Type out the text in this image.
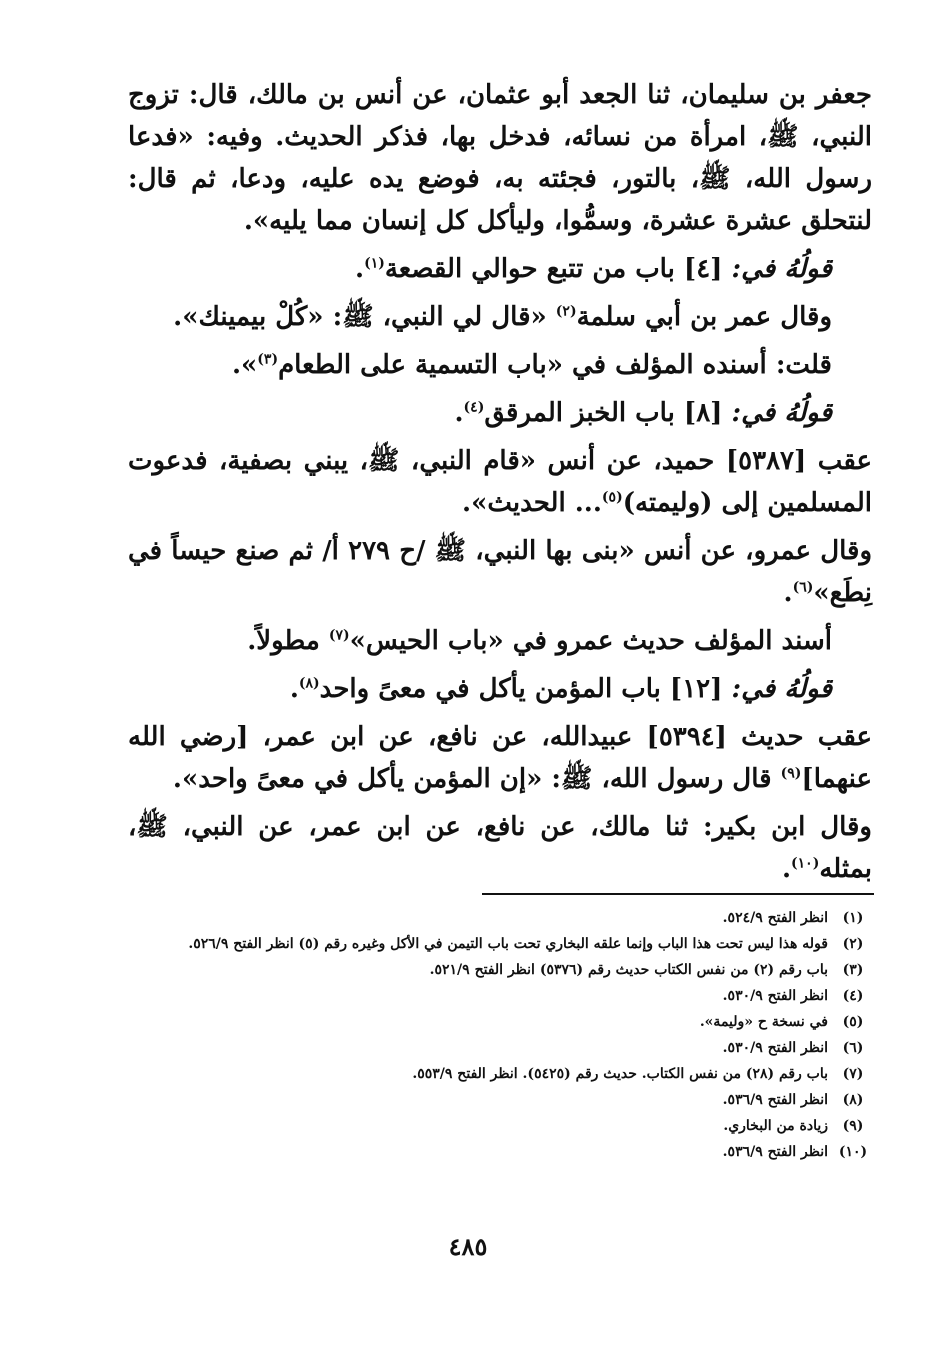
جعفر بن سليمان، ثنا الجعد أبو عثمان، عن أنس بن مالك، قال: تزوج النبي، ﷺ، امرأة من نسائه، فدخل بها، فذكر الحديث. وفيه: «فدعا رسول الله، ﷺ، بالتور، فجئته به، فوضع يده عليه، ودعا، ثم قال: لنتحلق عشرة عشرة، وسمُّوا، وليأكل كل إنسان مما يليه».

قولُهُ في: [٤] باب من تتبع حوالي القصعة$^{(١)}$.

وقال عمر بن أبي سلمة$^{(٢)}$ «قال لي النبي، ﷺ: «كُلْ بيمينك».

قلت: أسنده المؤلف في «باب التسمية على الطعام$^{(٣)}$».

قولُهُ في: [٨] باب الخبز المرقق$^{(٤)}$.

عقب [٥٣٨٧] حميد، عن أنس «قام النبي، ﷺ، يبني بصفية، فدعوت المسلمين إلى (وليمته)$^{(٥)}$... الحديث».

وقال عمرو، عن أنس «بنى بها النبي، ﷺ /ح ٢٧٩ أ/ ثم صنع حيساً في نِطَع»$^{(٦)}$.

أسند المؤلف حديث عمرو في «باب الحيس»$^{(٧)}$ مطولاً.

قولُهُ في: [١٢] باب المؤمن يأكل في معىً واحد$^{(٨)}$.

عقب حديث [٥٣٩٤] عبيدالله، عن نافع، عن ابن عمر، [رضي الله عنهما]$^{(٩)}$ قال رسول الله، ﷺ: «إن المؤمن يأكل في معىً واحد».

وقال ابن بكير: ثنا مالك، عن نافع، عن ابن عمر، عن النبي، ﷺ، بمثله$^{(١٠)}$.

(١)
انظر الفتح ٥٢٤/٩.
(٢)
قوله هذا ليس تحت هذا الباب وإنما علقه البخاري تحت باب التيمن في الأكل وغيره رقم (٥) انظر الفتح ٥٢٦/٩.
(٣)
باب رقم (٢) من نفس الكتاب حديث رقم (٥٣٧٦) انظر الفتح ٥٢١/٩.
(٤)
انظر الفتح ٥٣٠/٩.
(٥)
في نسخة ح «وليمة».
(٦)
انظر الفتح ٥٣٠/٩.
(٧)
باب رقم (٢٨) من نفس الكتاب. حديث رقم (٥٤٢٥). انظر الفتح ٥٥٣/٩.
(٨)
انظر الفتح ٥٣٦/٩.
(٩)
زيادة من البخاري.
(١٠)
انظر الفتح ٥٣٦/٩.
٤٨٥
